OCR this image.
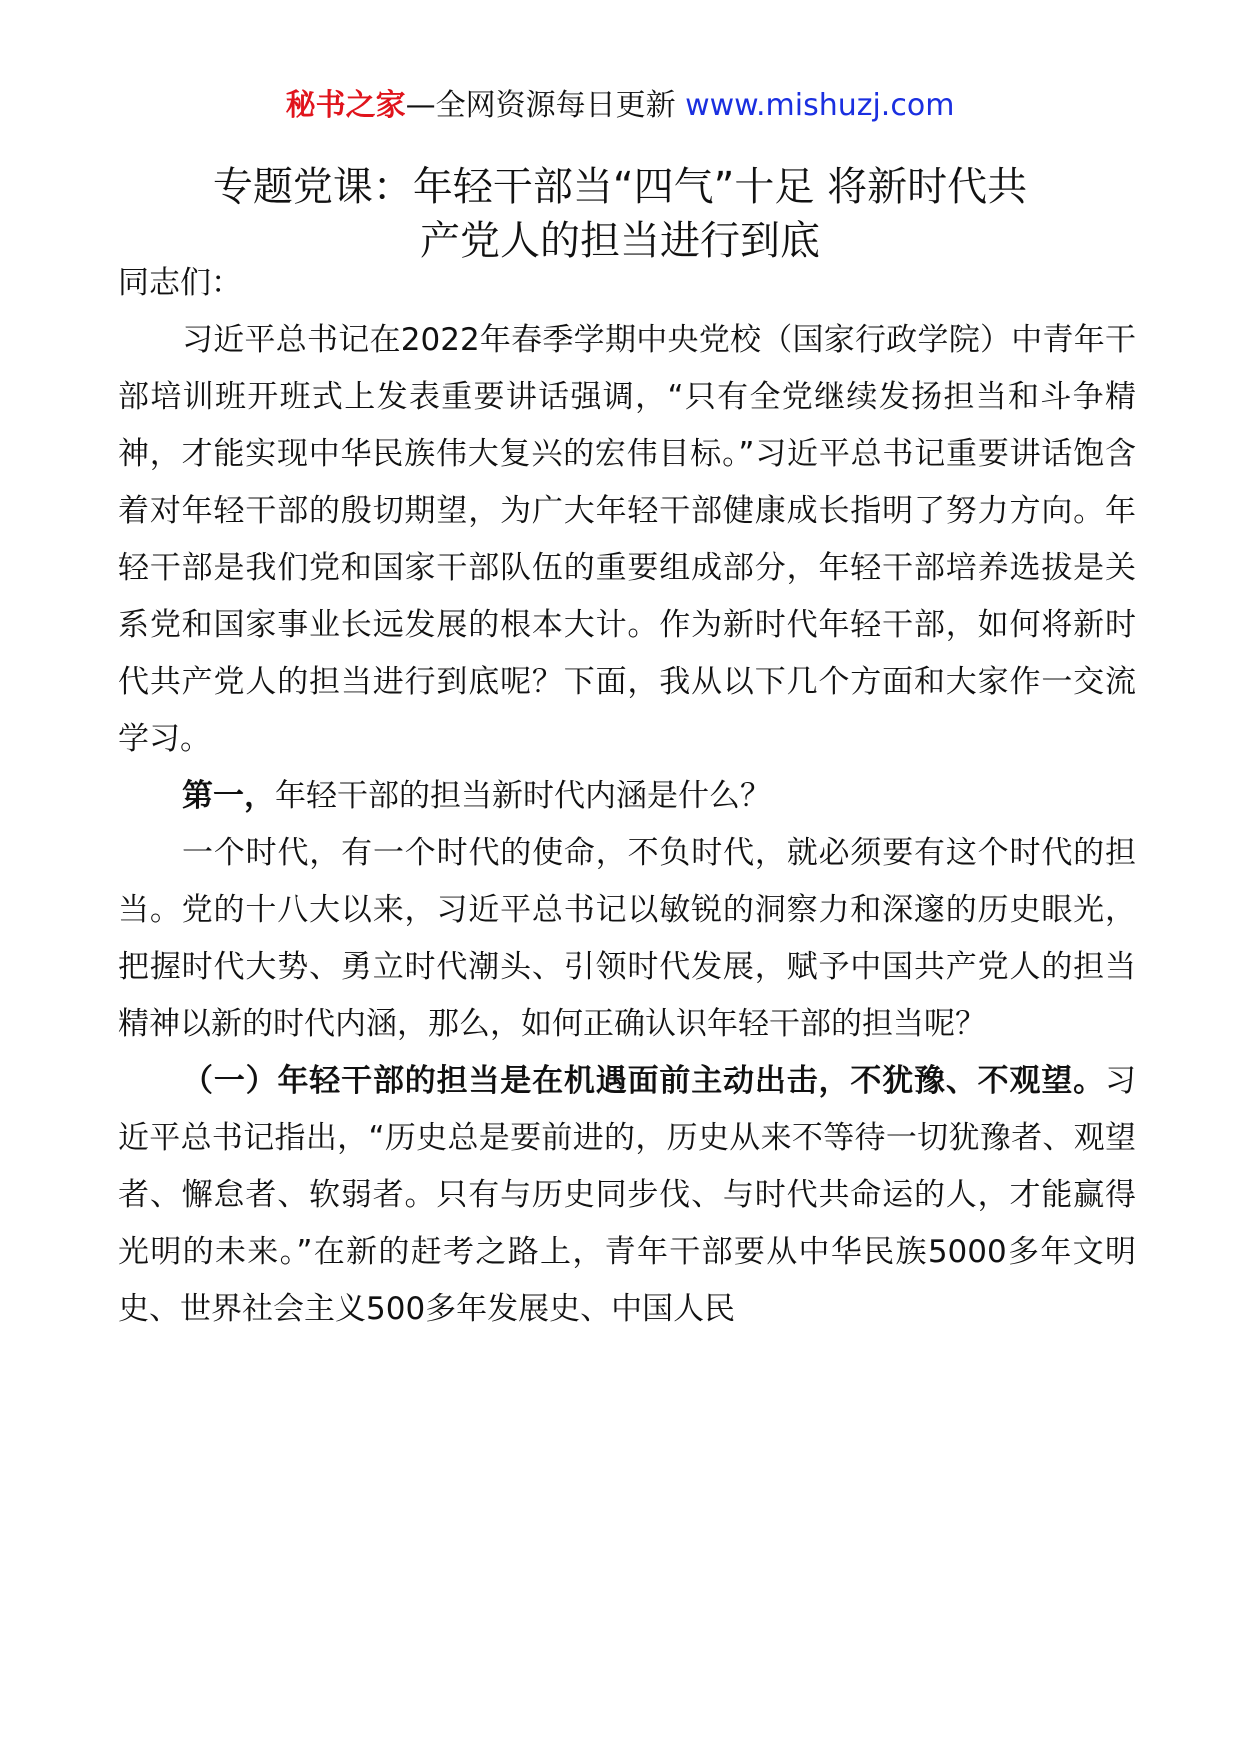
秘书之家—全网资源每日更新 www.mishuzj.com
专题党课：年轻干部当“四气”十足 将新时代共
产党人的担当进行到底

同志们：

习近平总书记在2022年春季学期中央党校（国家行政学院）中青年干部培训班开班式上发表重要讲话强调，“只有全党继续发扬担当和斗争精神，才能实现中华民族伟大复兴的宏伟目标。”习近平总书记重要讲话饱含着对年轻干部的殷切期望，为广大年轻干部健康成长指明了努力方向。年轻干部是我们党和国家干部队伍的重要组成部分，年轻干部培养选拔是关系党和国家事业长远发展的根本大计。作为新时代年轻干部，如何将新时代共产党人的担当进行到底呢？下面，我从以下几个方面和大家作一交流学习。

第一，年轻干部的担当新时代内涵是什么？

一个时代，有一个时代的使命，不负时代，就必须要有这个时代的担当。党的十八大以来，习近平总书记以敏锐的洞察力和深邃的历史眼光，把握时代大势、勇立时代潮头、引领时代发展，赋予中国共产党人的担当精神以新的时代内涵，那么，如何正确认识年轻干部的担当呢？

（一）年轻干部的担当是在机遇面前主动出击，不犹豫、不观望。习近平总书记指出，“历史总是要前进的，历史从来不等待一切犹豫者、观望者、懈怠者、软弱者。只有与历史同步伐、与时代共命运的人，才能赢得光明的未来。”在新的赶考之路上，青年干部要从中华民族5000多年文明史、世界社会主义500多年发展史、中国人民
